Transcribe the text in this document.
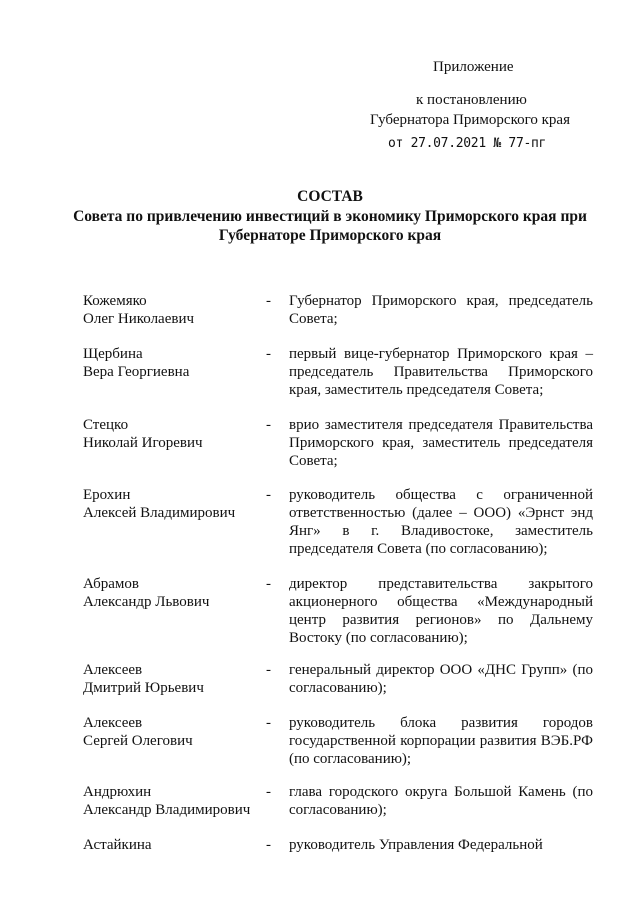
Приложение
к постановлению
Губернатора Приморского края
от 27.07.2021 № 77-пг
СОСТАВ
Совета по привлечению инвестиций в экономику Приморского края при Губернаторе Приморского края
Кожемяко
Олег Николаевич
- Губернатор Приморского края, председатель Совета;
Щербина
Вера Георгиевна
- первый вице-губернатор Приморского края – председатель Правительства Приморского края, заместитель председателя Совета;
Стецко
Николай Игоревич
- врио заместителя председателя Правительства Приморского края, заместитель председателя Совета;
Ерохин
Алексей Владимирович
- руководитель общества с ограниченной ответственностью (далее – ООО) «Эрнст энд Янг» в г. Владивостоке, заместитель председателя Совета (по согласованию);
Абрамов
Александр Львович
- директор представительства закрытого акционерного общества «Международный центр развития регионов» по Дальнему Востоку (по согласованию);
Алексеев
Дмитрий Юрьевич
- генеральный директор ООО «ДНС Групп» (по согласованию);
Алексеев
Сергей Олегович
- руководитель блока развития городов государственной корпорации развития ВЭБ.РФ (по согласованию);
Андрюхин
Александр Владимирович
- глава городского округа Большой Камень (по согласованию);
Астайкина	- руководитель Управления Федеральной
